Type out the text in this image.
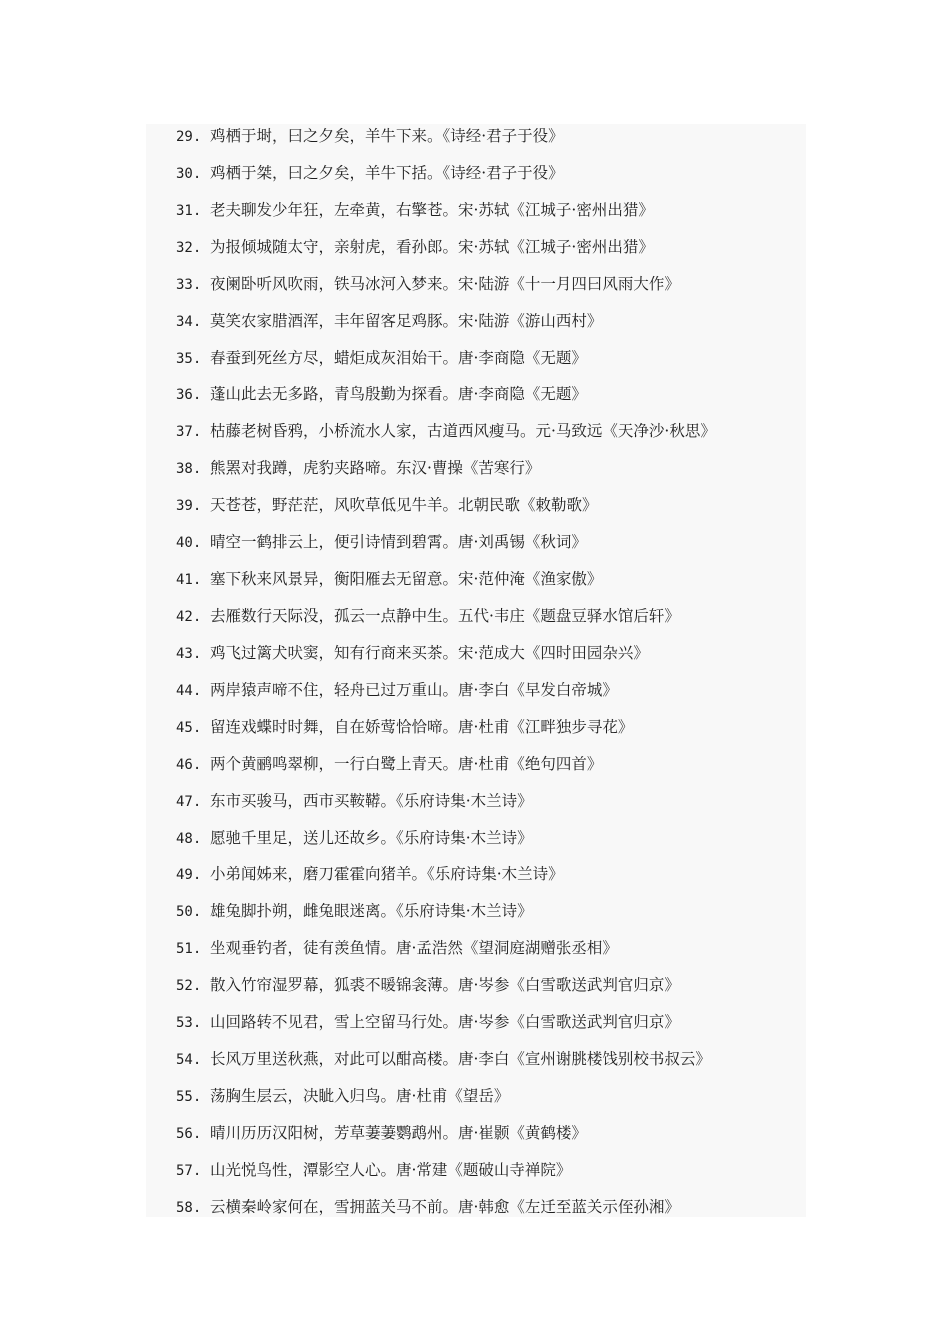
29. 鸡栖于埘，曰之夕矣，羊牛下来。《诗经·君子于役》
30. 鸡栖于桀，曰之夕矣，羊牛下括。《诗经·君子于役》
31. 老夫聊发少年狂，左牵黄，右擎苍。宋·苏轼《江城子·密州出猎》
32. 为报倾城随太守，亲射虎，看孙郎。宋·苏轼《江城子·密州出猎》
33. 夜阑卧听风吹雨，铁马冰河入梦来。宋·陆游《十一月四曰风雨大作》
34. 莫笑农家腊酒浑，丰年留客足鸡豚。宋·陆游《游山西村》
35. 春蚕到死丝方尽，蜡炬成灰泪始干。唐·李商隐《无题》
36. 蓬山此去无多路，青鸟殷勤为探看。唐·李商隐《无题》
37. 枯藤老树昏鸦，小桥流水人家，古道西风瘦马。元·马致远《天净沙·秋思》
38. 熊罴对我蹲，虎豹夹路啼。东汉·曹操《苦寒行》
39. 天苍苍，野茫茫，风吹草低见牛羊。北朝民歌《敕勒歌》
40. 晴空一鹤排云上，便引诗情到碧霄。唐·刘禹锡《秋词》
41. 塞下秋来风景异，衡阳雁去无留意。宋·范仲淹《渔家傲》
42. 去雁数行天际没，孤云一点静中生。五代·韦庄《题盘豆驿水馆后轩》
43. 鸡飞过篱犬吠窦，知有行商来买茶。宋·范成大《四时田园杂兴》
44. 两岸猿声啼不住，轻舟已过万重山。唐·李白《早发白帝城》
45. 留连戏蝶时时舞，自在娇莺恰恰啼。唐·杜甫《江畔独步寻花》
46. 两个黄鹂鸣翠柳，一行白鹭上青天。唐·杜甫《绝句四首》
47. 东市买骏马，西市买鞍鞯。《乐府诗集·木兰诗》
48. 愿驰千里足，送儿还故乡。《乐府诗集·木兰诗》
49. 小弟闻姊来，磨刀霍霍向猪羊。《乐府诗集·木兰诗》
50. 雄兔脚扑朔，雌兔眼迷离。《乐府诗集·木兰诗》
51. 坐观垂钓者，徒有羡鱼情。唐·孟浩然《望洞庭湖赠张丞相》
52. 散入竹帘湿罗幕，狐裘不暖锦衾薄。唐·岑参《白雪歌送武判官归京》
53. 山回路转不见君，雪上空留马行处。唐·岑参《白雪歌送武判官归京》
54. 长风万里送秋燕，对此可以酣高楼。唐·李白《宣州谢朓楼饯别校书叔云》
55. 荡胸生层云，决眦入归鸟。唐·杜甫《望岳》
56. 晴川历历汉阳树，芳草萋萋鹦鹉州。唐·崔颢《黄鹤楼》
57. 山光悦鸟性，潭影空人心。唐·常建《题破山寺禅院》
58. 云横秦岭家何在，雪拥蓝关马不前。唐·韩愈《左迁至蓝关示侄孙湘》
